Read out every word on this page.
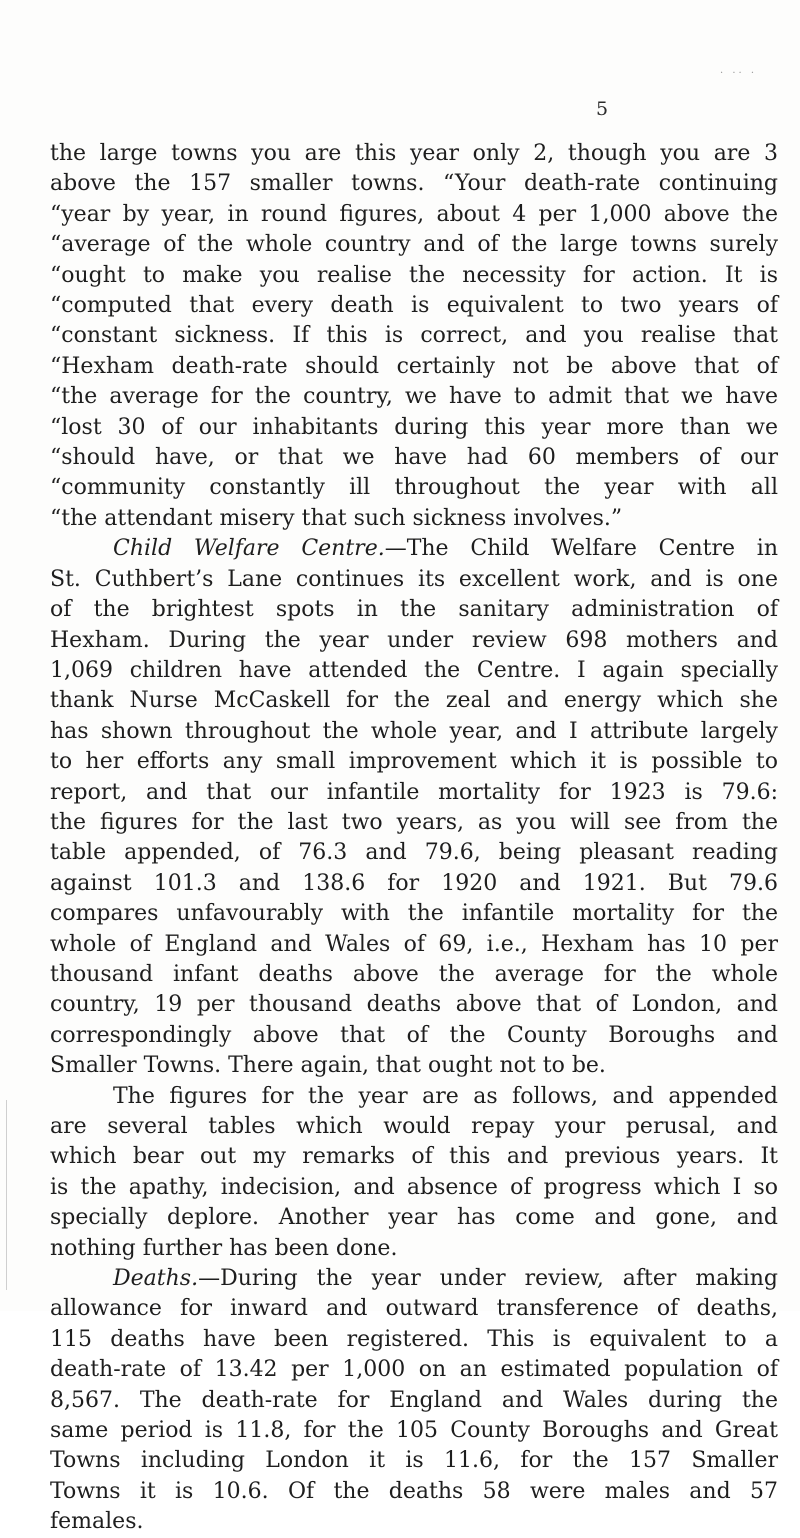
· ·· ·
5
the large towns you are this year only 2, though you are 3
above the 157 smaller towns. “Your death-rate continuing
“year by year, in round figures, about 4 per 1,000 above the
“average of the whole country and of the large towns surely
“ought to make you realise the necessity for action. It is
“computed that every death is equivalent to two years of
“constant sickness. If this is correct, and you realise that
“Hexham death-rate should certainly not be above that of
“the average for the country, we have to admit that we have
“lost 30 of our inhabitants during this year more than we
“should have, or that we have had 60 members of our
“community constantly ill throughout the year with all
“the attendant misery that such sickness involves.”
Child Welfare Centre.—The Child Welfare Centre in
St. Cuthbert’s Lane continues its excellent work, and is one
of the brightest spots in the sanitary administration of
Hexham. During the year under review 698 mothers and
1,069 children have attended the Centre. I again specially
thank Nurse McCaskell for the zeal and energy which she
has shown throughout the whole year, and I attribute largely
to her efforts any small improvement which it is possible to
report, and that our infantile mortality for 1923 is 79.6:
the figures for the last two years, as you will see from the
table appended, of 76.3 and 79.6, being pleasant reading
against 101.3 and 138.6 for 1920 and 1921. But 79.6
compares unfavourably with the infantile mortality for the
whole of England and Wales of 69, i.e., Hexham has 10 per
thousand infant deaths above the average for the whole
country, 19 per thousand deaths above that of London, and
correspondingly above that of the County Boroughs and
Smaller Towns. There again, that ought not to be.
The figures for the year are as follows, and appended
are several tables which would repay your perusal, and
which bear out my remarks of this and previous years. It
is the apathy, indecision, and absence of progress which I so
specially deplore. Another year has come and gone, and
nothing further has been done.
Deaths.—During the year under review, after making
allowance for inward and outward transference of deaths,
115 deaths have been registered. This is equivalent to a
death-rate of 13.42 per 1,000 on an estimated population of
8,567. The death-rate for England and Wales during the
same period is 11.8, for the 105 County Boroughs and Great
Towns including London it is 11.6, for the 157 Smaller
Towns it is 10.6. Of the deaths 58 were males and 57
females.
